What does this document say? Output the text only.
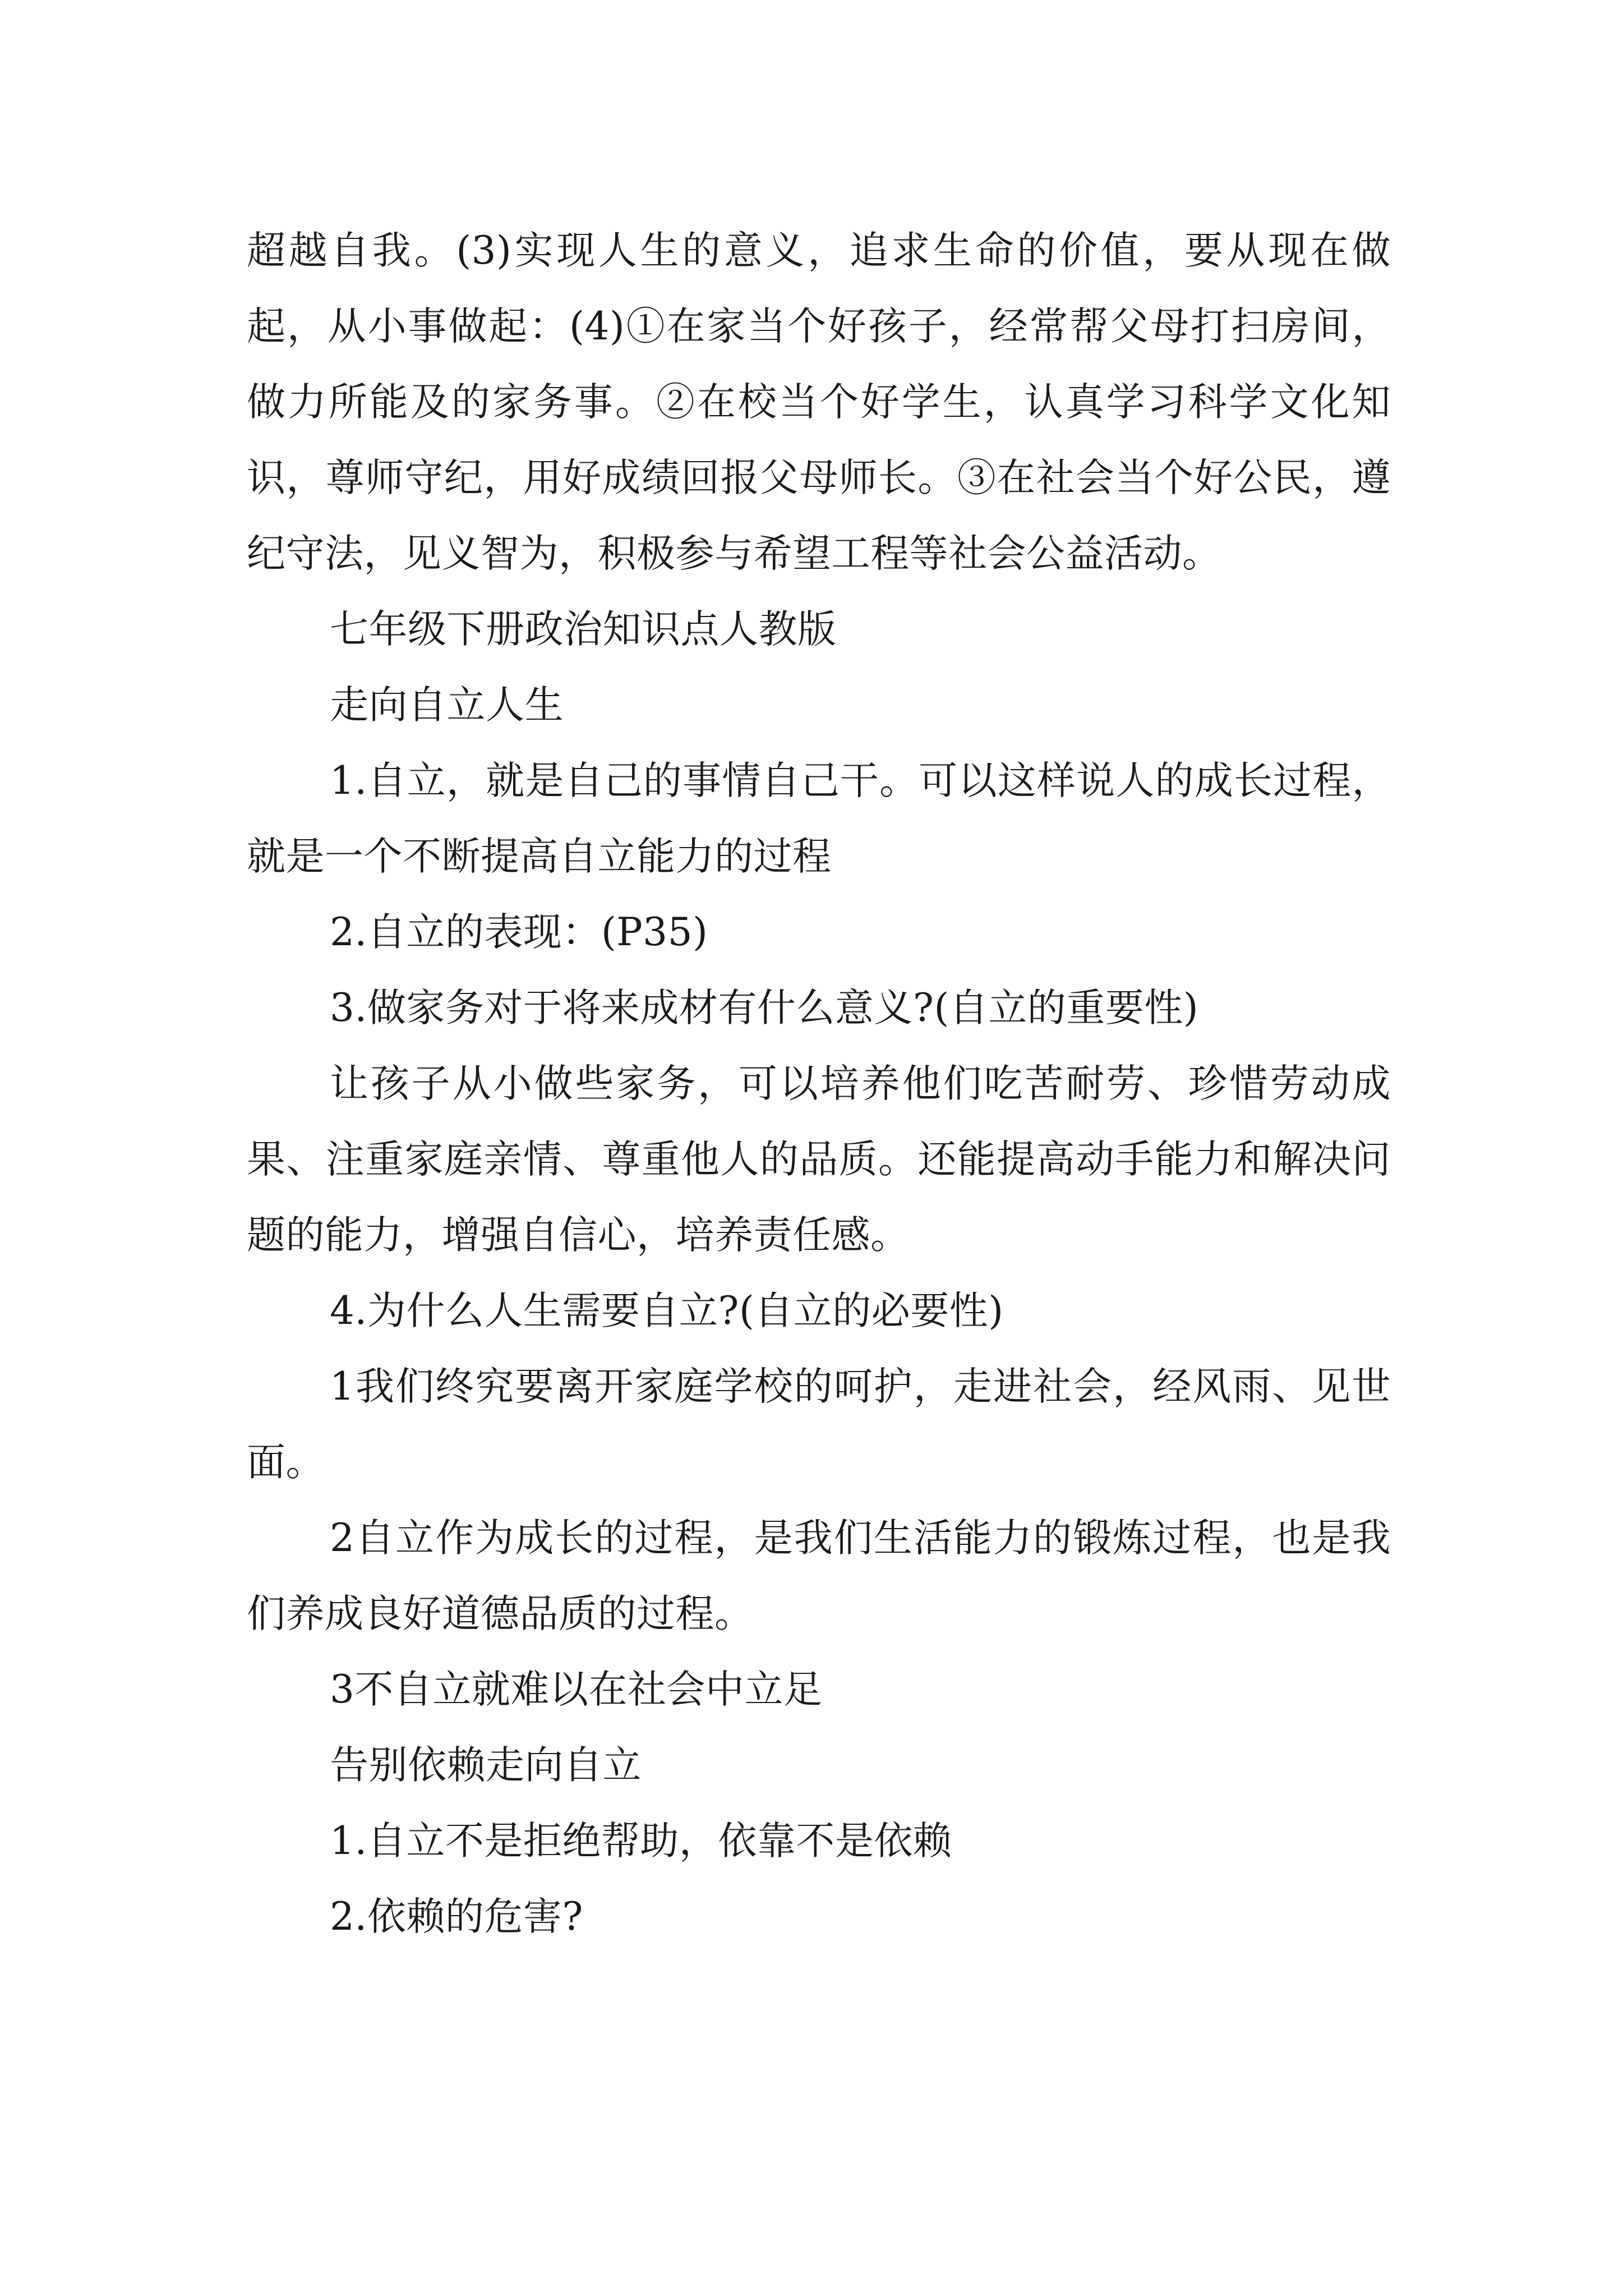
超越自我。(3)实现人生的意义，追求生命的价值，要从现在做起，从小事做起：(4)①在家当个好孩子，经常帮父母打扫房间，做力所能及的家务事。②在校当个好学生，认真学习科学文化知识，尊师守纪，用好成绩回报父母师长。③在社会当个好公民，遵纪守法，见义智为，积极参与希望工程等社会公益活动。

七年级下册政治知识点人教版

走向自立人生

1.自立，就是自己的事情自己干。可以这样说人的成长过程，就是一个不断提高自立能力的过程

2.自立的表现：(P35)

3.做家务对于将来成材有什么意义?(自立的重要性)

让孩子从小做些家务，可以培养他们吃苦耐劳、珍惜劳动成果、注重家庭亲情、尊重他人的品质。还能提高动手能力和解决问题的能力，增强自信心，培养责任感。

4.为什么人生需要自立?(自立的必要性)

1我们终究要离开家庭学校的呵护，走进社会，经风雨、见世面。

2自立作为成长的过程，是我们生活能力的锻炼过程，也是我们养成良好道德品质的过程。

3不自立就难以在社会中立足

告别依赖走向自立

1.自立不是拒绝帮助，依靠不是依赖

2.依赖的危害?
